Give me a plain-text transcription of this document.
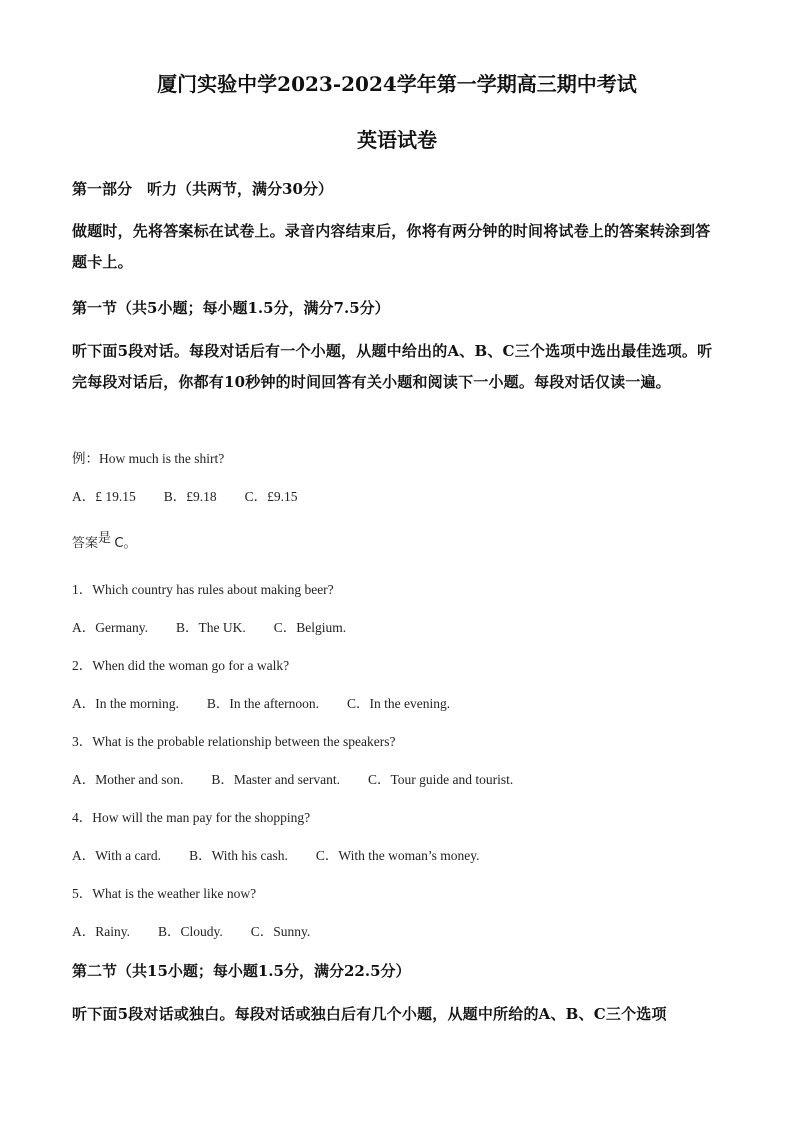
厦门实验中学2023-2024学年第一学期高三期中考试
英语试卷
第一部分　听力（共两节，满分30分）
做题时，先将答案标在试卷上。录音内容结束后，你将有两分钟的时间将试卷上的答案转涂到答题卡上。
第一节（共5小题；每小题1.5分，满分7.5分）
听下面5段对话。每段对话后有一个小题，从题中给出的A、B、C三个选项中选出最佳选项。听完每段对话后，你都有10秒钟的时间回答有关小题和阅读下一小题。每段对话仅读一遍。
例：How much is the shirt?
A．£ 19.15 B．£9.18 C．£9.15
答案是 C。
1．Which country has rules about making beer?
A．Germany. B．The UK. C．Belgium.
2．When did the woman go for a walk?
A．In the morning. B．In the afternoon. C．In the evening.
3．What is the probable relationship between the speakers?
A．Mother and son. B．Master and servant. C．Tour guide and tourist.
4．How will the man pay for the shopping?
A．With a card. B．With his cash. C．With the woman’s money.
5．What is the weather like now?
A．Rainy. B．Cloudy. C．Sunny.
第二节（共15小题；每小题1.5分，满分22.5分）
听下面5段对话或独白。每段对话或独白后有几个小题，从题中所给的A、B、C三个选项
